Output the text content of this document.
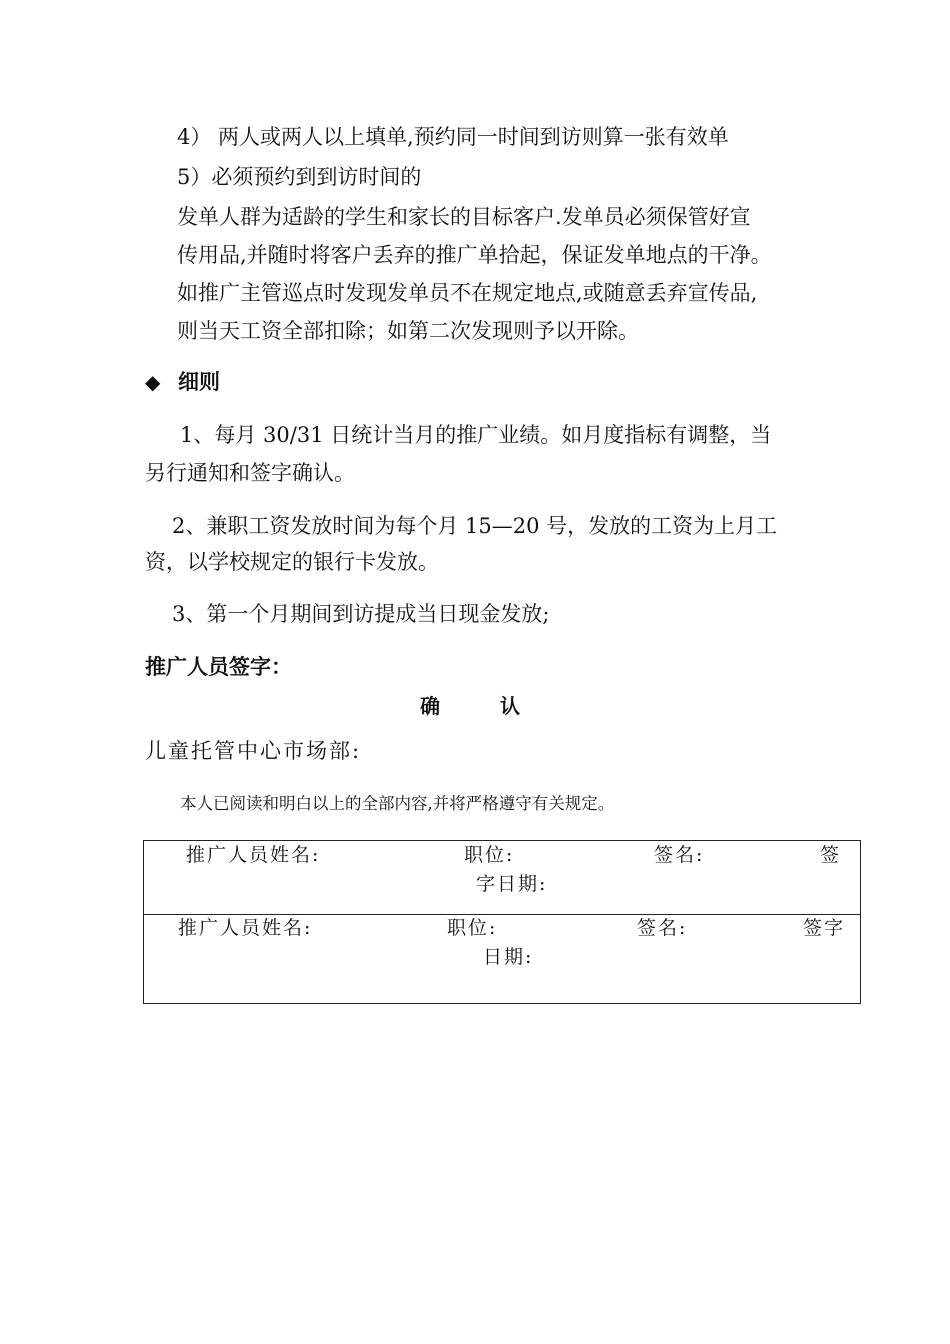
4） 两人或两人以上填单,预约同一时间到访则算一张有效单
5）必须预约到到访时间的
发单人群为适龄的学生和家长的目标客户.发单员必须保管好宣
传用品,并随时将客户丢弃的推广单拾起，保证发单地点的干净。
如推广主管巡点时发现发单员不在规定地点,或随意丢弃宣传品,
则当天工资全部扣除；如第二次发现则予以开除。
◆ 细则
1、每月 30/31 日统计当月的推广业绩。如月度指标有调整，当
另行通知和签字确认。
2、兼职工资发放时间为每个月 15—20 号，发放的工资为上月工
资，以学校规定的银行卡发放。
3、第一个月期间到访提成当日现金发放;
推广人员签字：
确　　　认
儿童托管中心市场部:
本人已阅读和明白以上的全部内容,并将严格遵守有关规定。
推广人员姓名:	职位:	签名:	签
字日期:
推广人员姓名:	职位:	签名:	签字
日期:
